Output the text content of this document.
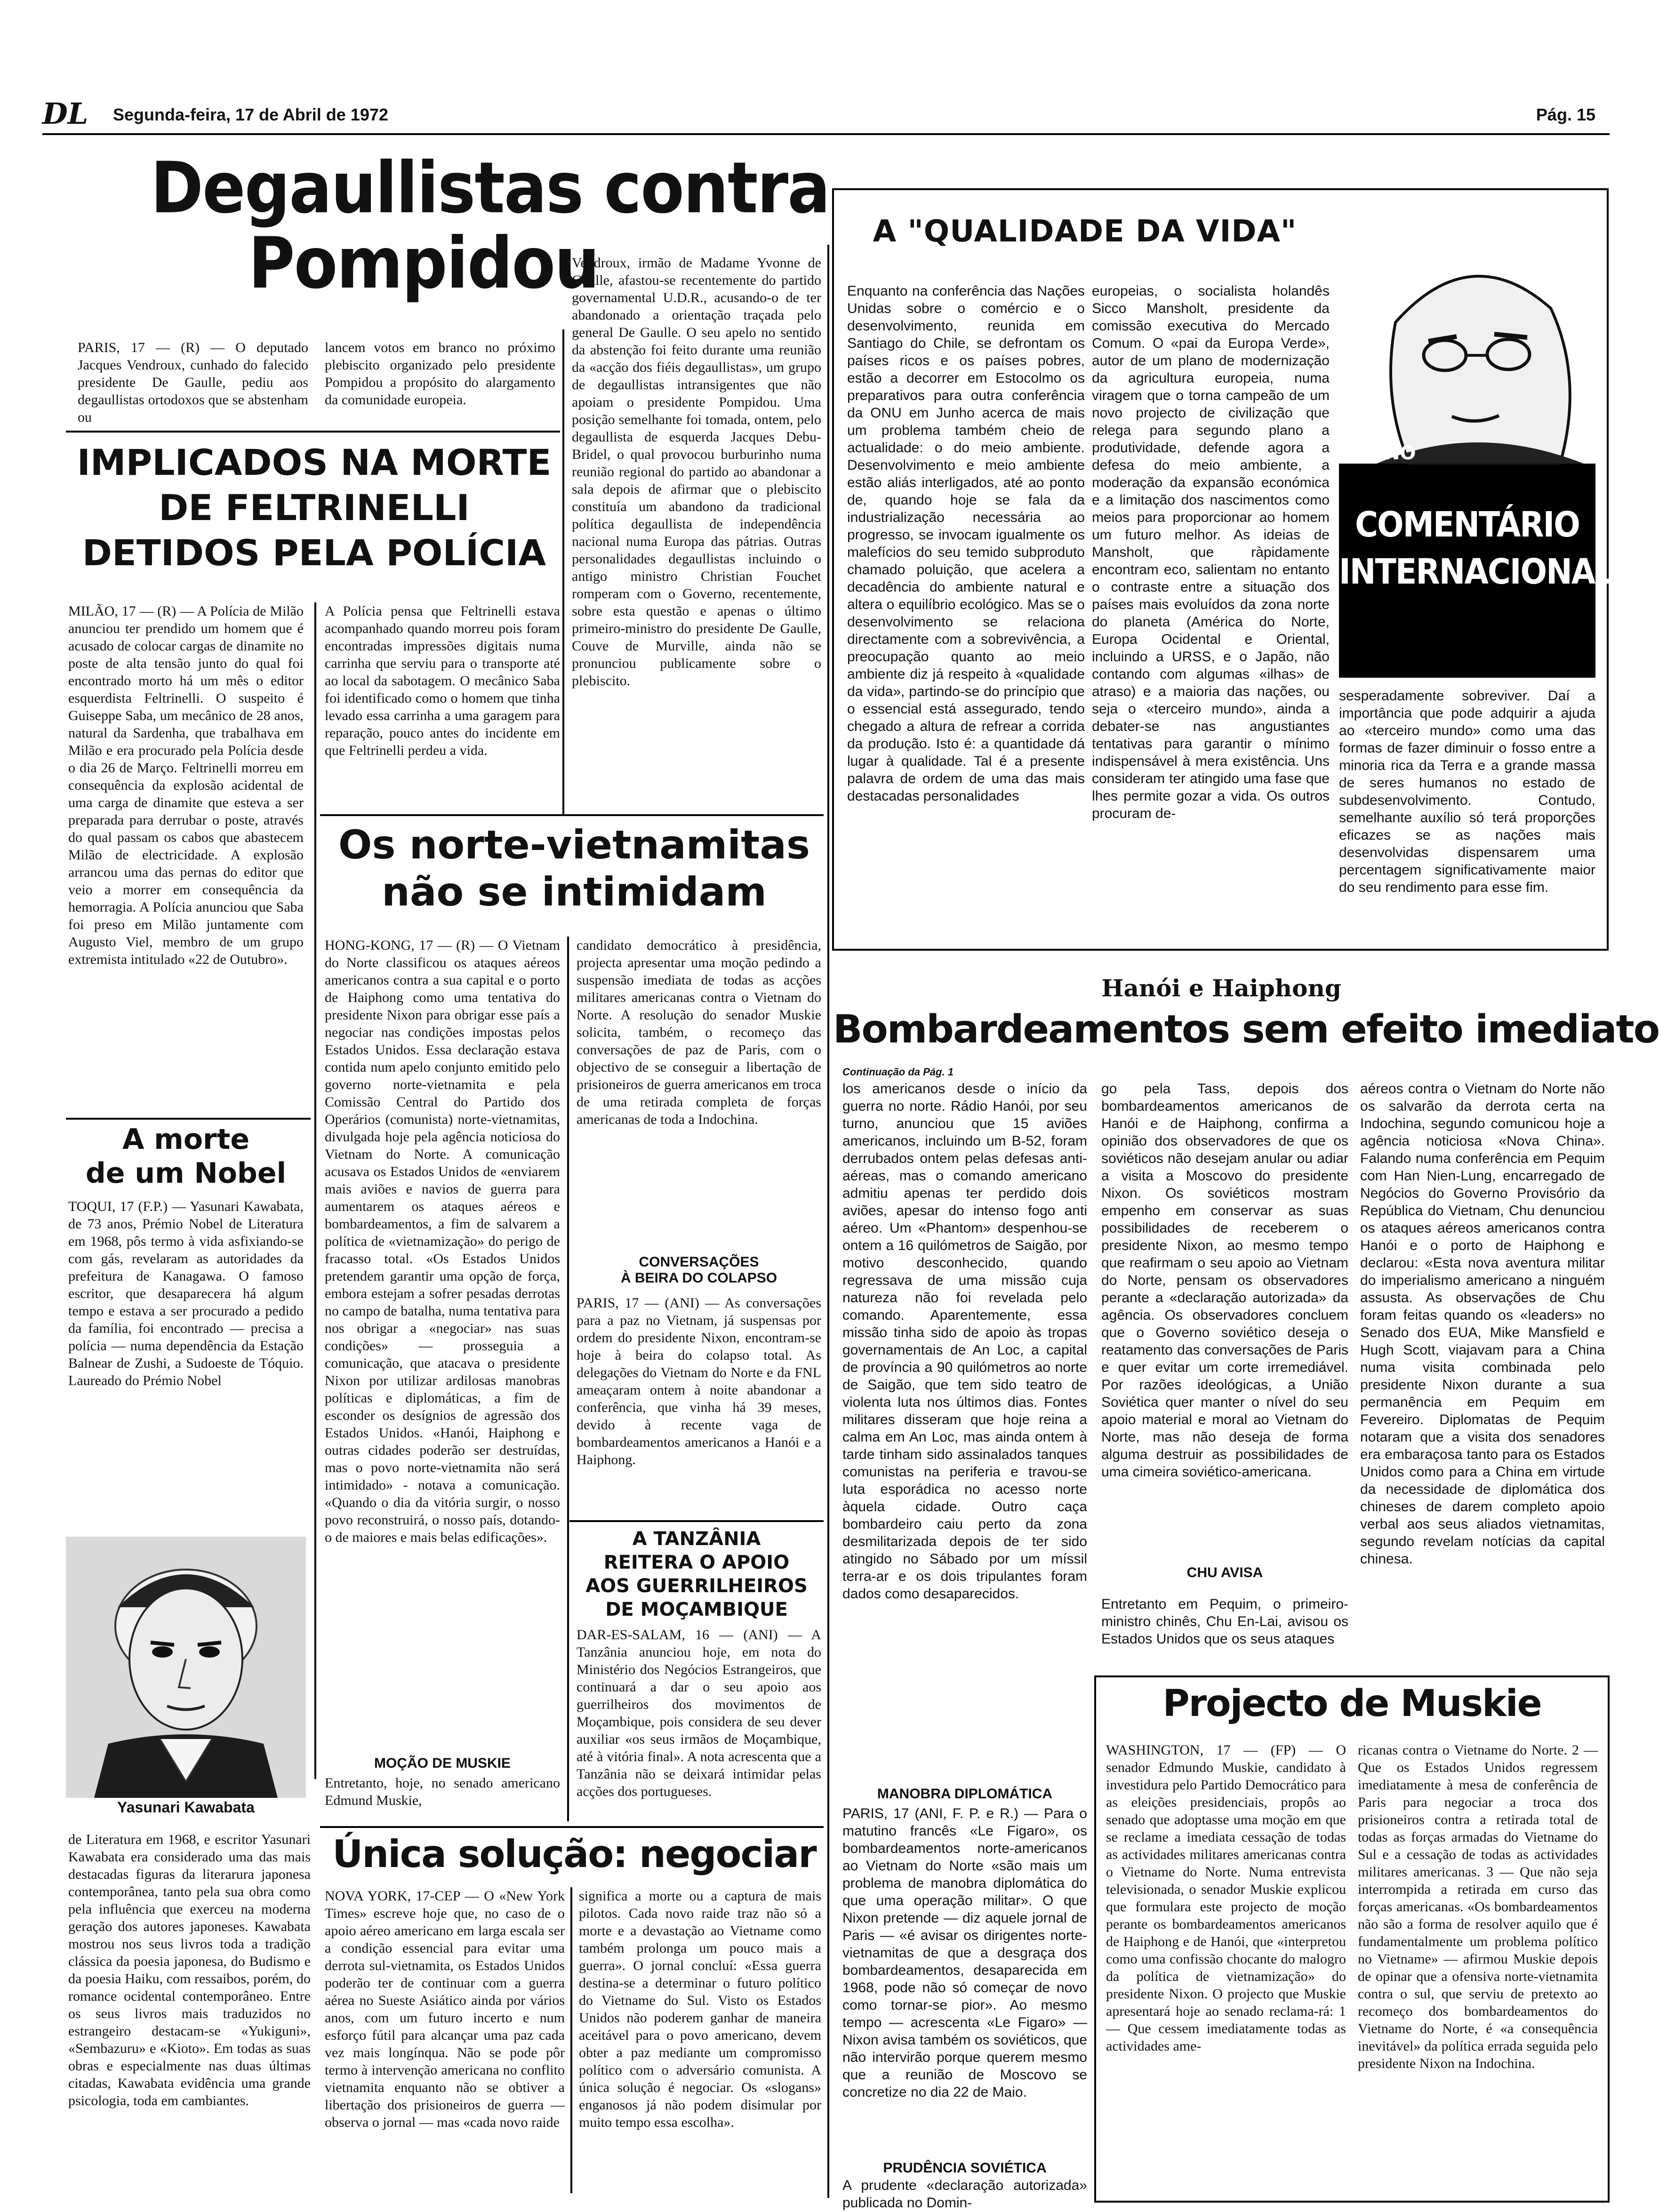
DL Segunda-feira, 17 de Abril de 1972	Pág. 15
Degaullistas contra
Pompidou
PARIS, 17 — (R) — O deputado Jacques Vendroux, cunhado do falecido presidente De Gaulle, pediu aos degaullistas ortodoxos que se abstenham ou
lancem votos em branco no próximo plebiscito organizado pelo presidente Pompidou a propósito do alargamento da comunidade europeia.
Vendroux, irmão de Madame Yvonne de Gaulle, afastou-se recentemente do partido governamental U.D.R., acusando-o de ter abandonado a orientação traçada pelo general De Gaulle. O seu apelo no sentido da abstenção foi feito durante uma reunião da «acção dos fiéis degaullistas», um grupo de degaullistas intransigentes que não apoiam o presidente Pompidou. Uma posição semelhante foi tomada, ontem, pelo degaullista de esquerda Jacques Debu-Bridel, o qual provocou burburinho numa reunião regional do partido ao abandonar a sala depois de afirmar que o plebiscito constituía um abandono da tradicional política degaullista de independência nacional numa Europa das pátrias. Outras personalidades degaullistas incluindo o antigo ministro Christian Fouchet romperam com o Governo, recentemente, sobre esta questão e apenas o último primeiro-ministro do presidente De Gaulle, Couve de Murville, ainda não se pronunciou publicamente sobre o plebiscito.
IMPLICADOS NA MORTE
DE FELTRINELLI
DETIDOS PELA POLÍCIA
MILÃO, 17 — (R) — A Polícia de Milão anunciou ter prendido um homem que é acusado de colocar cargas de dinamite no poste de alta tensão junto do qual foi encontrado morto há um mês o editor esquerdista Feltrinelli. O suspeito é Guiseppe Saba, um mecânico de 28 anos, natural da Sardenha, que trabalhava em Milão e era procurado pela Polícia desde o dia 26 de Março. Feltrinelli morreu em consequência da explosão acidental de uma carga de dinamite que esteva a ser preparada para derrubar o poste, através do qual passam os cabos que abastecem Milão de electricidade. A explosão arrancou uma das pernas do editor que veio a morrer em consequência da hemorragia. A Polícia anunciou que Saba foi preso em Milão juntamente com Augusto Viel, membro de um grupo extremista intitulado «22 de Outubro».
A Polícia pensa que Feltrinelli estava acompanhado quando morreu pois foram encontradas impressões digitais numa carrinha que serviu para o transporte até ao local da sabotagem. O mecânico Saba foi identificado como o homem que tinha levado essa carrinha a uma garagem para reparação, pouco antes do incidente em que Feltrinelli perdeu a vida.
A morte
de um Nobel
TOQUI, 17 (F.P.) — Yasunari Kawabata, de 73 anos, Prémio Nobel de Literatura em 1968, pôs termo à vida asfixiando-se com gás, revelaram as autoridades da prefeitura de Kanagawa. O famoso escritor, que desaparecera há algum tempo e estava a ser procurado a pedido da família, foi encontrado — precisa a polícia — numa dependência da Estação Balnear de Zushi, a Sudoeste de Tóquio. Laureado do Prémio Nobel
Yasunari Kawabata
de Literatura em 1968, e escritor Yasunari Kawabata era considerado uma das mais destacadas figuras da literarura japonesa contemporânea, tanto pela sua obra como pela influência que exerceu na moderna geração dos autores japoneses. Kawabata mostrou nos seus livros toda a tradição clássica da poesia japonesa, do Budismo e da poesia Haiku, com ressaibos, porém, do romance ocidental contemporâneo. Entre os seus livros mais traduzidos no estrangeiro destacam-se «Yukiguni», «Sembazuru» e «Kioto». Em todas as suas obras e especialmente nas duas últimas citadas, Kawabata evidência uma grande psicologia, toda em cambiantes.
Os norte-vietnamitas
não se intimidam
HONG-KONG, 17 — (R) — O Vietnam do Norte classificou os ataques aéreos americanos contra a sua capital e o porto de Haiphong como uma tentativa do presidente Nixon para obrigar esse país a negociar nas condições impostas pelos Estados Unidos. Essa declaração estava contida num apelo conjunto emitido pelo governo norte-vietnamita e pela Comissão Central do Partido dos Operários (comunista) norte-vietnamitas, divulgada hoje pela agência noticiosa do Vietnam do Norte. A comunicação acusava os Estados Unidos de «enviarem mais aviões e navios de guerra para aumentarem os ataques aéreos e bombardeamentos, a fim de salvarem a política de «vietnamização» do perigo de fracasso total. «Os Estados Unidos pretendem garantir uma opção de força, embora estejam a sofrer pesadas derrotas no campo de batalha, numa tentativa para nos obrigar a «negociar» nas suas condições» — prosseguia a comunicação, que atacava o presidente Nixon por utilizar ardilosas manobras políticas e diplomáticas, a fim de esconder os desígnios de agressão dos Estados Unidos. «Hanói, Haiphong e outras cidades poderão ser destruídas, mas o povo norte-vietnamita não será intimidado» - notava a comunicação. «Quando o dia da vitória surgir, o nosso povo reconstruirá, o nosso país, dotando-o de maiores e mais belas edificações».
MOÇÃO DE MUSKIE
Entretanto, hoje, no senado americano Edmund Muskie,
candidato democrático à presidência, projecta apresentar uma moção pedindo a suspensão imediata de todas as acções militares americanas contra o Vietnam do Norte. A resolução do senador Muskie solicita, também, o recomeço das conversações de paz de Paris, com o objectivo de se conseguir a libertação de prisioneiros de guerra americanos em troca de uma retirada completa de forças americanas de toda a Indochina.
CONVERSAÇÕES
À BEIRA DO COLAPSO
PARIS, 17 — (ANI) — As conversações para a paz no Vietnam, já suspensas por ordem do presidente Nixon, encontram-se hoje à beira do colapso total. As delegações do Vietnam do Norte e da FNL ameaçaram ontem à noite abandonar a conferência, que vinha há 39 meses, devido à recente vaga de bombardeamentos americanos a Hanói e a Haiphong.
A TANZÂNIA
REITERA O APOIO
AOS GUERRILHEIROS
DE MOÇAMBIQUE
DAR-ES-SALAM, 16 — (ANI) — A Tanzânia anunciou hoje, em nota do Ministério dos Negócios Estrangeiros, que continuará a dar o seu apoio aos guerrilheiros dos movimentos de Moçambique, pois considera de seu dever auxiliar «os seus irmãos de Moçambique, até à vitória final». A nota acrescenta que a Tanzânia não se deixará intimidar pelas acções dos portugueses.
Única solução: negociar
NOVA YORK, 17-CEP — O «New York Times» escreve hoje que, no caso de o apoio aéreo americano em larga escala ser a condição essencial para evitar uma derrota sul-vietnamita, os Estados Unidos poderão ter de continuar com a guerra aérea no Sueste Asiático ainda por vários anos, com um futuro incerto e num esforço fútil para alcançar uma paz cada vez mais longínqua. Não se pode pôr termo à intervenção americana no conflito vietnamita enquanto não se obtiver a libertação dos prisioneiros de guerra — observa o jornal — mas «cada novo raide
significa a morte ou a captura de mais pilotos. Cada novo raide traz não só a morte e a devastação ao Vietname como também prolonga um pouco mais a guerra». O jornal concluí: «Essa guerra destina-se a determinar o futuro político do Vietname do Sul. Visto os Estados Unidos não poderem ganhar de maneira aceitável para o povo americano, devem obter a paz mediante um compromisso político com o adversário comunista. A única solução é negociar. Os «slogans» enganosos já não podem disimular por muito tempo essa escolha».
A "QUALIDADE DA VIDA"
Enquanto na conferência das Nações Unidas sobre o comércio e o desenvolvimento, reunida em Santiago do Chile, se defrontam os países ricos e os países pobres, estão a decorrer em Estocolmo os preparativos para outra conferência da ONU em Junho acerca de mais um problema também cheio de actualidade: o do meio ambiente. Desenvolvimento e meio ambiente estão aliás interligados, até ao ponto de, quando hoje se fala da industrialização necessária ao progresso, se invocam igualmente os malefícios do seu temido subproduto chamado poluição, que acelera a decadência do ambiente natural e altera o equilíbrio ecológico. Mas se o desenvolvimento se relaciona directamente com a sobrevivência, a preocupação quanto ao meio ambiente diz já respeito à «qualidade da vida», partindo-se do princípio que o essencial está assegurado, tendo chegado a altura de refrear a corrida da produção. Isto é: a quantidade dá lugar à qualidade. Tal é a presente palavra de ordem de uma das mais destacadas personalidades
europeias, o socialista holandês Sicco Mansholt, presidente da comissão executiva do Mercado Comum. O «pai da Europa Verde», autor de um plano de modernização da agricultura europeia, numa viragem que o torna campeão de um novo projecto de civilização que relega para segundo plano a produtividade, defende agora a defesa do meio ambiente, a moderação da expansão económica e a limitação dos nascimentos como meios para proporcionar ao homem um futuro melhor. As ideias de Mansholt, que ràpidamente encontram eco, salientam no entanto o contraste entre a situação dos países mais evoluídos da zona norte do planeta (América do Norte, Europa Ocidental e Oriental, incluindo a URSS, e o Japão, não contando com algumas «ilhas» de atraso) e a maioria das nações, ou seja o «terceiro mundo», ainda a debater-se nas angustiantes tentativas para garantir o mínimo indispensável à mera existência. Uns consideram ter atingido uma fase que lhes permite gozar a vida. Os outros procuram de-
sesperadamente sobreviver. Daí a importância que pode adquirir a ajuda ao «terceiro mundo» como uma das formas de fazer diminuir o fosso entre a minoria rica da Terra e a grande massa de seres humanos no estado de subdesenvolvimento. Contudo, semelhante auxílio só terá proporções eficazes se as nações mais desenvolvidas dispensarem uma percentagem significativamente maior do seu rendimento para esse fim.
NUNO
COMENTÁRIO
INTERNACIONAL
Hanói e Haiphong
Bombardeamentos sem efeito imediato
Continuação da Pág. 1
los americanos desde o início da guerra no norte. Rádio Hanói, por seu turno, anunciou que 15 aviões americanos, incluindo um B-52, foram derrubados ontem pelas defesas anti-aéreas, mas o comando americano admitiu apenas ter perdido dois aviões, apesar do intenso fogo anti aéreo. Um «Phantom» despenhou-se ontem a 16 quilómetros de Saigão, por motivo desconhecido, quando regressava de uma missão cuja natureza não foi revelada pelo comando. Aparentemente, essa missão tinha sido de apoio às tropas governamentais de An Loc, a capital de província a 90 quilómetros ao norte de Saigão, que tem sido teatro de violenta luta nos últimos dias. Fontes militares disseram que hoje reina a calma em An Loc, mas ainda ontem à tarde tinham sido assinalados tanques comunistas na periferia e travou-se luta esporádica no acesso norte àquela cidade. Outro caça bombardeiro caiu perto da zona desmilitarizada depois de ter sido atingido no Sábado por um míssil terra-ar e os dois tripulantes foram dados como desaparecidos.
MANOBRA DIPLOMÁTICA
PARIS, 17 (ANI, F. P. e R.) — Para o matutino francês «Le Figaro», os bombardeamentos norte-americanos ao Vietnam do Norte «são mais um problema de manobra diplomática do que uma operação militar». O que Nixon pretende — diz aquele jornal de Paris — «é avisar os dirigentes norte-vietnamitas de que a desgraça dos bombardeamentos, desaparecida em 1968, pode não só começar de novo como tornar-se pior». Ao mesmo tempo — acrescenta «Le Figaro» — Nixon avisa também os soviéticos, que não intervirão porque querem mesmo que a reunião de Moscovo se concretize no dia 22 de Maio.
PRUDÊNCIA SOVIÉTICA
A prudente «declaração autorizada» publicada no Domin-
go pela Tass, depois dos bombardeamentos americanos de Hanói e de Haiphong, confirma a opinião dos observadores de que os soviéticos não desejam anular ou adiar a visita a Moscovo do presidente Nixon. Os soviéticos mostram empenho em conservar as suas possibilidades de receberem o presidente Nixon, ao mesmo tempo que reafirmam o seu apoio ao Vietnam do Norte, pensam os observadores perante a «declaração autorizada» da agência. Os observadores concluem que o Governo soviético deseja o reatamento das conversações de Paris e quer evitar um corte irremediável. Por razões ideológicas, a União Soviética quer manter o nível do seu apoio material e moral ao Vietnam do Norte, mas não deseja de forma alguma destruir as possibilidades de uma cimeira soviético-americana.
CHU AVISA
Entretanto em Pequim, o primeiro-ministro chinês, Chu En-Lai, avisou os Estados Unidos que os seus ataques
aéreos contra o Vietnam do Norte não os salvarão da derrota certa na Indochina, segundo comunicou hoje a agência noticiosa «Nova China». Falando numa conferência em Pequim com Han Nien-Lung, encarregado de Negócios do Governo Provisório da República do Vietnam, Chu denunciou os ataques aéreos americanos contra Hanói e o porto de Haiphong e declarou: «Esta nova aventura militar do imperialismo americano a ninguém assusta. As observações de Chu foram feitas quando os «leaders» no Senado dos EUA, Mike Mansfield e Hugh Scott, viajavam para a China numa visita combinada pelo presidente Nixon durante a sua permanência em Pequim em Fevereiro. Diplomatas de Pequim notaram que a visita dos senadores era embaraçosa tanto para os Estados Unidos como para a China em virtude da necessidade de diplomática dos chineses de darem completo apoio verbal aos seus aliados vietnamitas, segundo revelam notícias da capital chinesa.
Projecto de Muskie
WASHINGTON, 17 — (FP) — O senador Edmundo Muskie, candidato à investidura pelo Partido Democrático para as eleições presidenciais, propôs ao senado que adoptasse uma moção em que se reclame a imediata cessação de todas as actividades militares americanas contra o Vietname do Norte. Numa entrevista televisionada, o senador Muskie explicou que formulara este projecto de moção perante os bombardeamentos americanos de Haiphong e de Hanói, que «interpretou como uma confissão chocante do malogro da política de vietnamização» do presidente Nixon. O projecto que Muskie apresentará hoje ao senado reclama-rá: 1 — Que cessem imediatamente todas as actividades ame-
ricanas contra o Vietname do Norte. 2 — Que os Estados Unidos regressem imediatamente à mesa de conferência de Paris para negociar a troca dos prisioneiros contra a retirada total de todas as forças armadas do Vietname do Sul e a cessação de todas as actividades militares americanas. 3 — Que não seja interrompida a retirada em curso das forças americanas. «Os bombardeamentos não são a forma de resolver aquilo que é fundamentalmente um problema político no Vietname» — afirmou Muskie depois de opinar que a ofensiva norte-vietnamita contra o sul, que serviu de pretexto ao recomeço dos bombardeamentos do Vietname do Norte, é «a consequência inevitável» da política errada seguida pelo presidente Nixon na Indochina.
